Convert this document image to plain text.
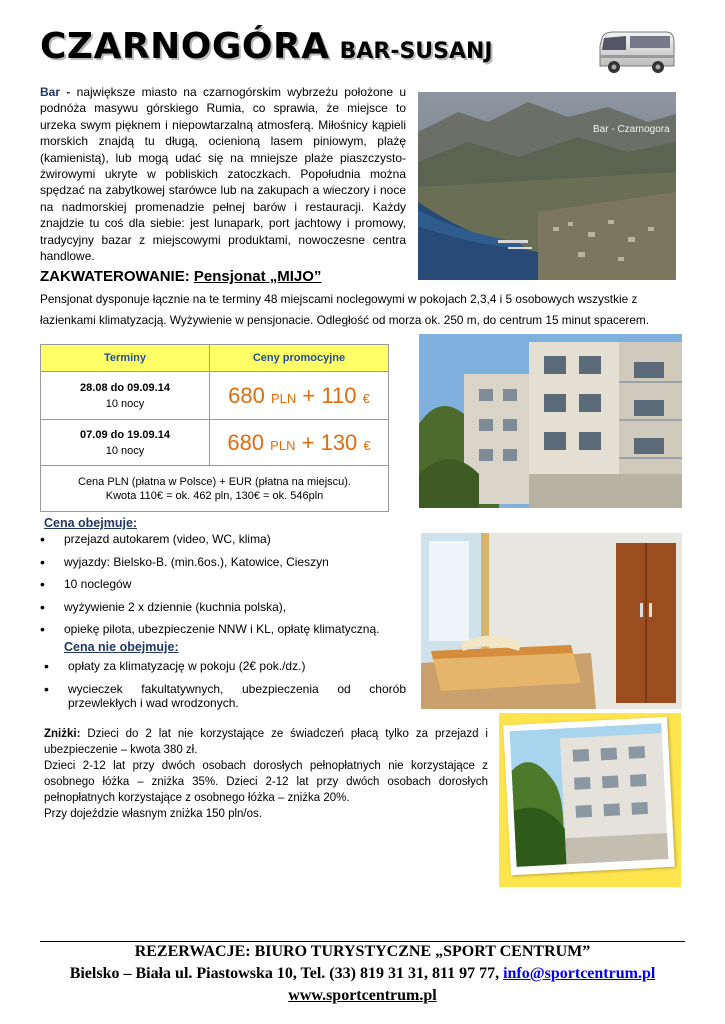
CZARNOGÓRA BAR-SUSANJ
Bar - największe miasto na czarnogórskim wybrzeżu położone u podnóża masywu górskiego Rumia, co sprawia, że miejsce to urzeka swym pięknem i niepowtarzalną atmosferą. Miłośnicy kąpieli morskich znajdą tu długą, ocienioną lasem piniowym, plażę (kamienistą), lub mogą udać się na mniejsze plaże piaszczysto-żwirowymi ukryte w pobliskich zatoczkach. Popołudnia można spędzać na zabytkowej starówce lub na zakupach a wieczory i noce na nadmorskiej promenadzie pełnej barów i restauracji. Każdy znajdzie tu coś dla siebie: jest lunapark, port jachtowy i promowy, tradycyjny bazar z miejscowymi produktami, nowoczesne centra handlowe.
Bar - Czarnogora
ZAKWATEROWANIE: Pensjonat „MIJO”
Pensjonat dysponuje łącznie na te terminy 48 miejscami noclegowymi w pokojach 2,3,4 i 5 osobowych wszystkie z łazienkami klimatyzacją. Wyżywienie w pensjonacie. Odległość od morza ok. 250 m, do centrum 15 minut spacerem.
Terminy	Ceny promocyjne

28.08 do 09.09.14
10 nocy	680 PLN + 110 €

07.09 do 19.09.14
10 nocy	680 PLN + 130 €

Cena PLN (płatna w Polsce) + EUR (płatna na miejscu).
Kwota 110€ = ok. 462 pln, 130€ = ok. 546pln	
Cena obejmuje:
• przejazd autokarem (video, WC, klima)
• wyjazdy: Bielsko-B. (min.6os.), Katowice, Cieszyn
• 10 noclegów
• wyżywienie 2 x dziennie (kuchnia polska),
• opiekę pilota, ubezpieczenie NNW i KL, opłatę klimatyczną.
Cena nie obejmuje:
• opłaty za klimatyzację w pokoju (2€ pok./dz.)
• wycieczek fakultatywnych, ubezpieczenia od chorób przewlekłych i wad wrodzonych.
Zniżki: Dzieci do 2 lat nie korzystające ze świadczeń płacą tylko za przejazd i ubezpieczenie – kwota 380 zł.
Dzieci 2-12 lat przy dwóch osobach dorosłych pełnopłatnych nie korzystające z osobnego łóżka – zniżka 35%. Dzieci 2-12 lat przy dwóch osobach dorosłych pełnopłatnych korzystające z osobnego łóżka – zniżka 20%.
Przy dojeździe własnym zniżka 150 pln/os.
REZERWACJE: BIURO TURYSTYCZNE „SPORT CENTRUM”
Bielsko – Biała ul. Piastowska 10, Tel. (33) 819 31 31, 811 97 77, info@sportcentrum.pl
www.sportcentrum.pl
